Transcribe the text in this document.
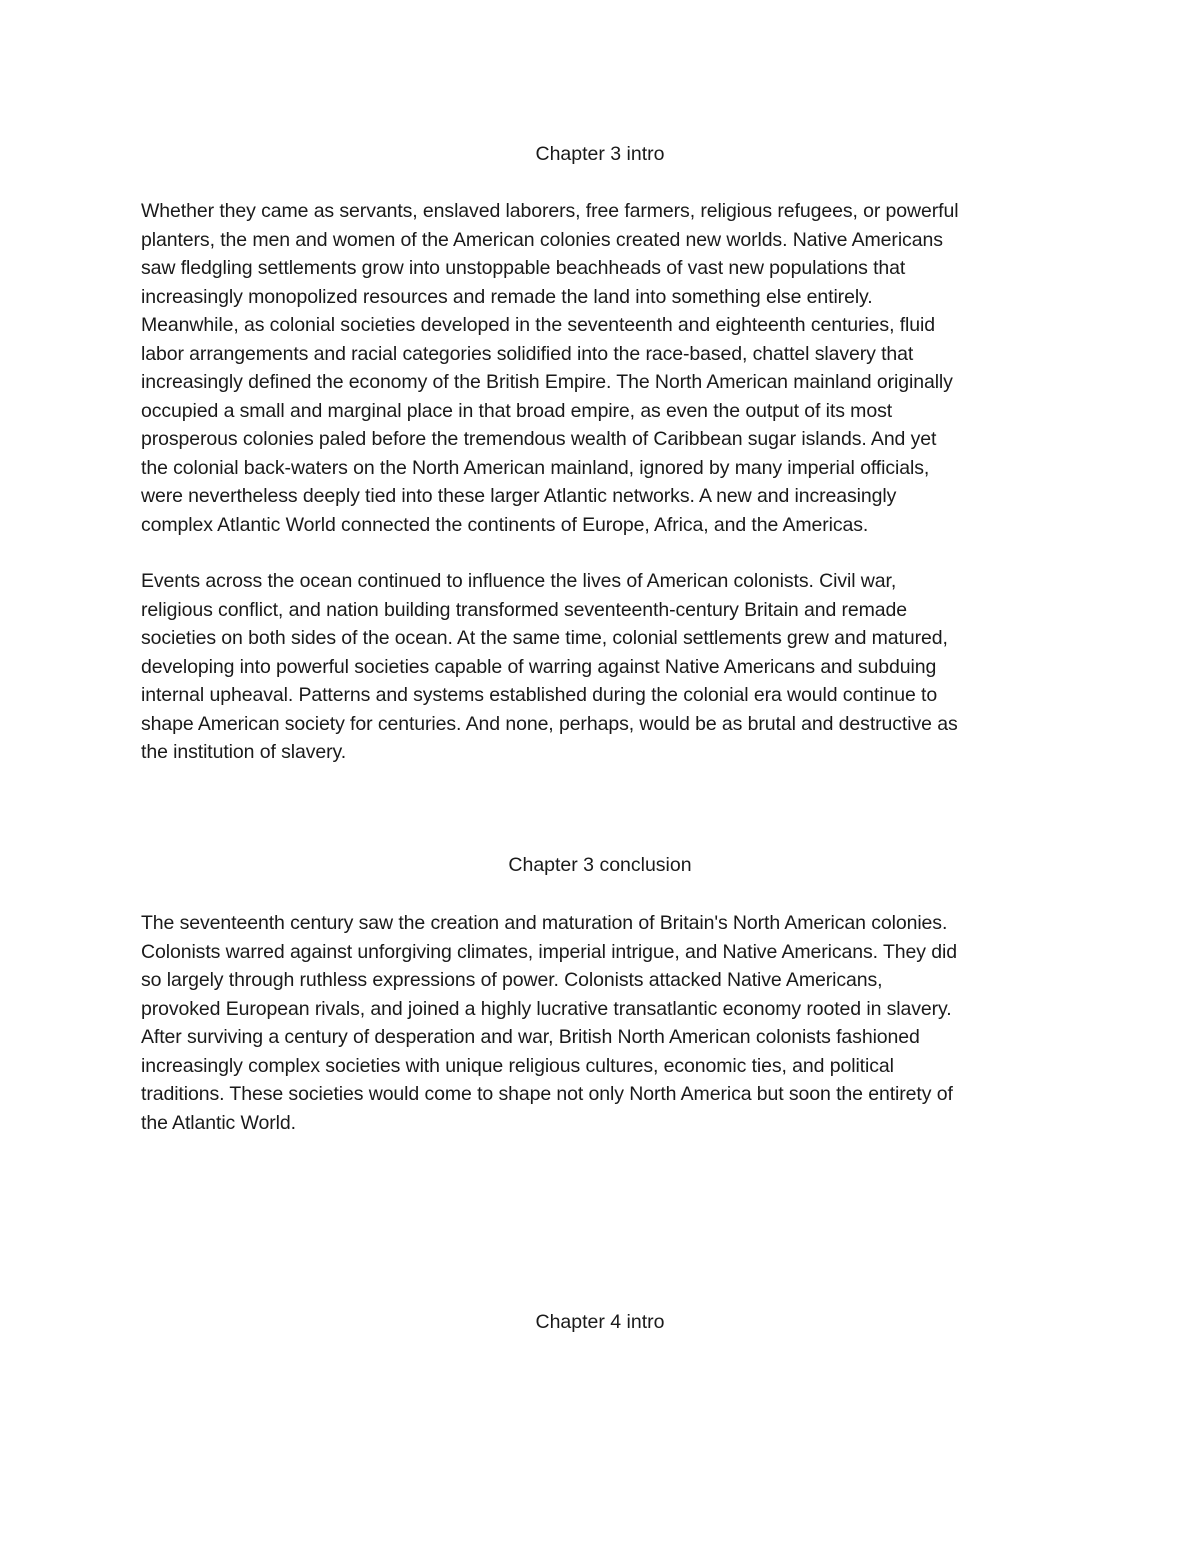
Chapter 3 intro

Whether they came as servants, enslaved laborers, free farmers, religious refugees, or powerful
planters, the men and women of the American colonies created new worlds. Native Americans
saw fledgling settlements grow into unstoppable beachheads of vast new populations that
increasingly monopolized resources and remade the land into something else entirely.
Meanwhile, as colonial societies developed in the seventeenth and eighteenth centuries, fluid
labor arrangements and racial categories solidified into the race-based, chattel slavery that
increasingly defined the economy of the British Empire. The North American mainland originally
occupied a small and marginal place in that broad empire, as even the output of its most
prosperous colonies paled before the tremendous wealth of Caribbean sugar islands. And yet
the colonial back-waters on the North American mainland, ignored by many imperial officials,
were nevertheless deeply tied into these larger Atlantic networks. A new and increasingly
complex Atlantic World connected the continents of Europe, Africa, and the Americas.

Events across the ocean continued to influence the lives of American colonists. Civil war,
religious conflict, and nation building transformed seventeenth-century Britain and remade
societies on both sides of the ocean. At the same time, colonial settlements grew and matured,
developing into powerful societies capable of warring against Native Americans and subduing
internal upheaval. Patterns and systems established during the colonial era would continue to
shape American society for centuries. And none, perhaps, would be as brutal and destructive as
the institution of slavery.

Chapter 3 conclusion

The seventeenth century saw the creation and maturation of Britain's North American colonies.
Colonists warred against unforgiving climates, imperial intrigue, and Native Americans. They did
so largely through ruthless expressions of power. Colonists attacked Native Americans,
provoked European rivals, and joined a highly lucrative transatlantic economy rooted in slavery.
After surviving a century of desperation and war, British North American colonists fashioned
increasingly complex societies with unique religious cultures, economic ties, and political
traditions. These societies would come to shape not only North America but soon the entirety of
the Atlantic World.

Chapter 4 intro
